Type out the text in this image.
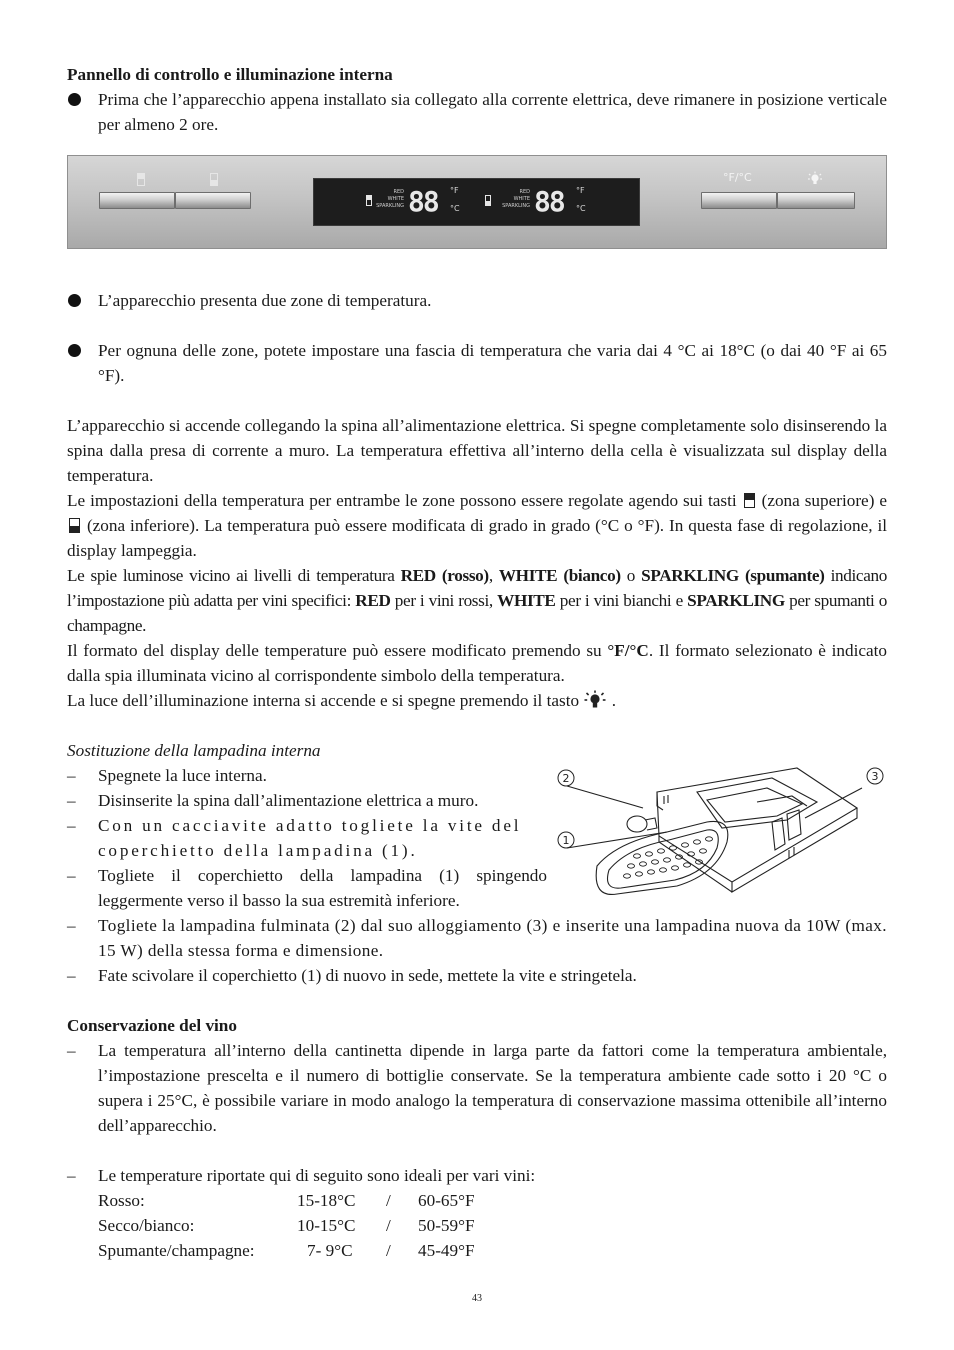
Pannello di controllo e illuminazione interna
Prima che l’apparecchio appena installato sia collegato alla corrente elettrica, deve rimanere in posizione verticale per almeno 2 ore.
RED
WHITE
SPARKLING 88 °F
°C
RED
WHITE
SPARKLING 88 °F
°C
°F/°C
L’apparecchio presenta due zone di temperatura.
Per ognuna delle zone, potete impostare una fascia di temperatura che varia dai 4 °C ai 18°C (o dai 40 °F ai 65 °F).

L’apparecchio si accende collegando la spina all’alimentazione elettrica. Si spegne completamente solo disinserendo la spina dalla presa di corrente a muro. La temperatura effettiva all’interno della cella è visualizzata sul display della temperatura.

Le impostazioni della temperatura per entrambe le zone possono essere regolate agendo sui tasti (zona superiore) e  (zona inferiore). La temperatura può essere modificata di grado in grado (°C o °F). In questa fase di regolazione, il display lampeggia.

Le spie luminose vicino ai livelli di temperatura RED (rosso), WHITE (bianco) o SPARKLING (spumante) indicano l’impostazione più adatta per vini specifici: RED per i vini rossi, WHITE per i vini bianchi e SPARKLING per spumanti o champagne.

Il formato del display delle temperature può essere modificato premendo su °F/°C. Il formato selezionato è indicato dalla spia illuminata vicino al corrispondente simbolo della temperatura.

La luce dell’illuminazione interna si accende e si spegne premendo il tasto .

Sostituzione della lampadina interna
– Spegnete la luce interna.
– Disinserite la spina dall’alimentazione elettrica a muro.
– Con un cacciavite adatto togliete la vite del coperchietto della lampadina (1).
– Togliete il coperchietto della lampadina (1) spingendo leggermente verso il basso la sua estremità inferiore.
– Togliete la lampadina fulminata (2) dal suo alloggiamento (3) e inserite una lampadina nuova da 10W (max. 15 W) della stessa forma e dimensione.
– Fate scivolare il coperchietto (1) di nuovo in sede, mettete la vite e stringetela.
2
1
3
Conservazione del vino
– La temperatura all’interno della cantinetta dipende in larga parte da fattori come la temperatura ambientale, l’impostazione prescelta e il numero di bottiglie conservate. Se la temperatura ambiente cade sotto i 20 °C o supera i 25°C, è possibile variare in modo analogo la temperatura di conservazione massima ottenibile all’interno dell’apparecchio.
– Le temperature riportate qui di seguito sono ideali per vari vini:
Rosso:	15-18°C / 60-65°F
Secco/bianco:	10-15°C / 50-59°F
Spumante/champagne:	7- 9°C / 45-49°F
43
